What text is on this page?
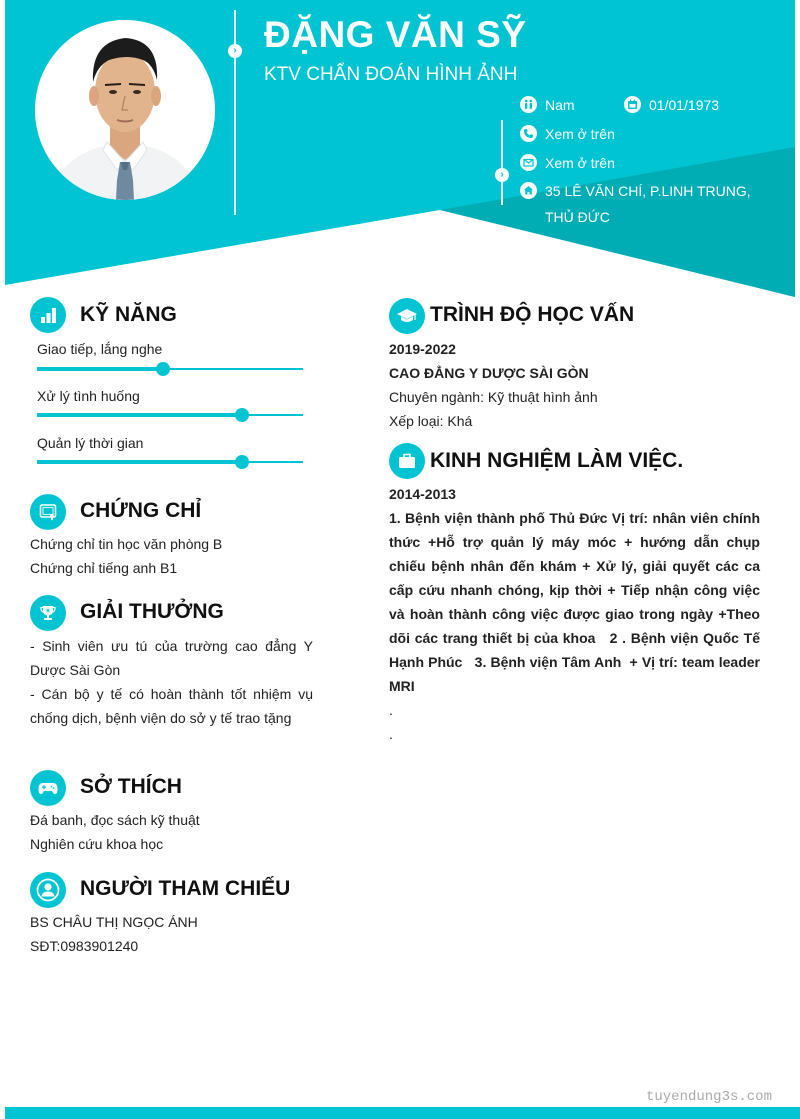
› ĐẶNG VĂN SỸ
KTV CHẨN ĐOÁN HÌNH ẢNH
›
Nam	01/01/1973
Xem ở trên
Xem ở trên
35 LÊ VĂN CHÍ, P.LINH TRUNG,
THỦ ĐỨC
KỸ NĂNG
Giao tiếp, lắng nghe
Xử lý tình huống
Quản lý thời gian
CHỨNG CHỈ
Chứng chỉ tin học văn phòng B
Chứng chỉ tiếng anh B1
GIẢI THƯỞNG
- Sinh viên ưu tú của trường cao đẳng Y Dược Sài Gòn
- Cán bộ y tế có hoàn thành tốt nhiệm vụ chống dịch, bệnh viện do sở y tế trao tặng
SỞ THÍCH
Đá banh, đọc sách kỹ thuật
Nghiên cứu khoa học
NGƯỜI THAM CHIẾU
BS CHÂU THỊ NGỌC ÁNH
SĐT:0983901240
TRÌNH ĐỘ HỌC VẤN
2019-2022
CAO ĐẲNG Y DƯỢC SÀI GÒN
Chuyên ngành: Kỹ thuật hình ảnh
Xếp loại: Khá
KINH NGHIỆM LÀM VIỆC.
2014-2013
1. Bệnh viện thành phố Thủ Đức Vị trí: nhân viên chính thức +Hỗ trợ quản lý máy móc + hướng dẫn chụp chiếu bệnh nhân đến khám + Xử lý, giải quyết các ca cấp cứu nhanh chóng, kịp thời + Tiếp nhận công việc và hoàn thành công việc được giao trong ngày +Theo dõi các trang thiết bị của khoa   2 . Bệnh viện Quốc Tế Hạnh Phúc   3. Bệnh viện Tâm Anh  + Vị trí: team leader MRI
.
.
tuyendung3s.com
